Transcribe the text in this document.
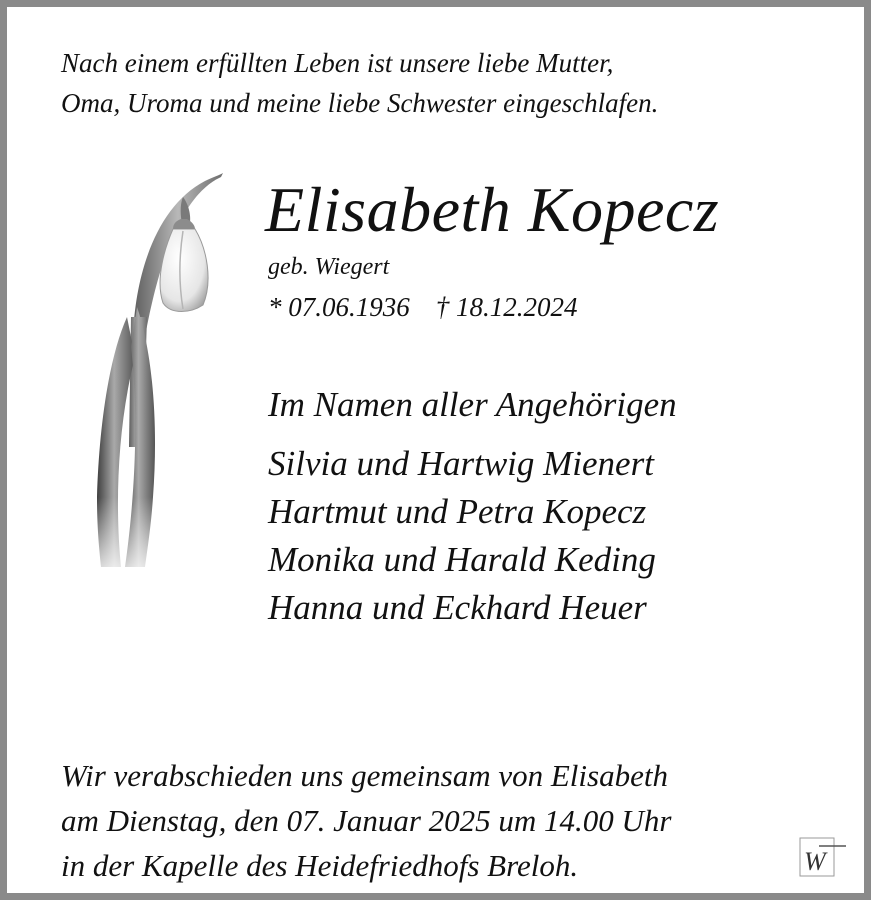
Nach einem erfüllten Leben ist unsere liebe Mutter,
Oma, Uroma und meine liebe Schwester eingeschlafen.

Elisabeth Kopecz
geb. Wiegert
* 07.06.1936 † 18.12.2024
Im Namen aller Angehörigen
Silvia und Hartwig Mienert
Hartmut und Petra Kopecz
Monika und Harald Keding
Hanna und Eckhard Heuer
Wir verabschieden uns gemeinsam von Elisabeth
am Dienstag, den 07. Januar 2025 um 14.00 Uhr
in der Kapelle des Heidefriedhofs Breloh.	W
